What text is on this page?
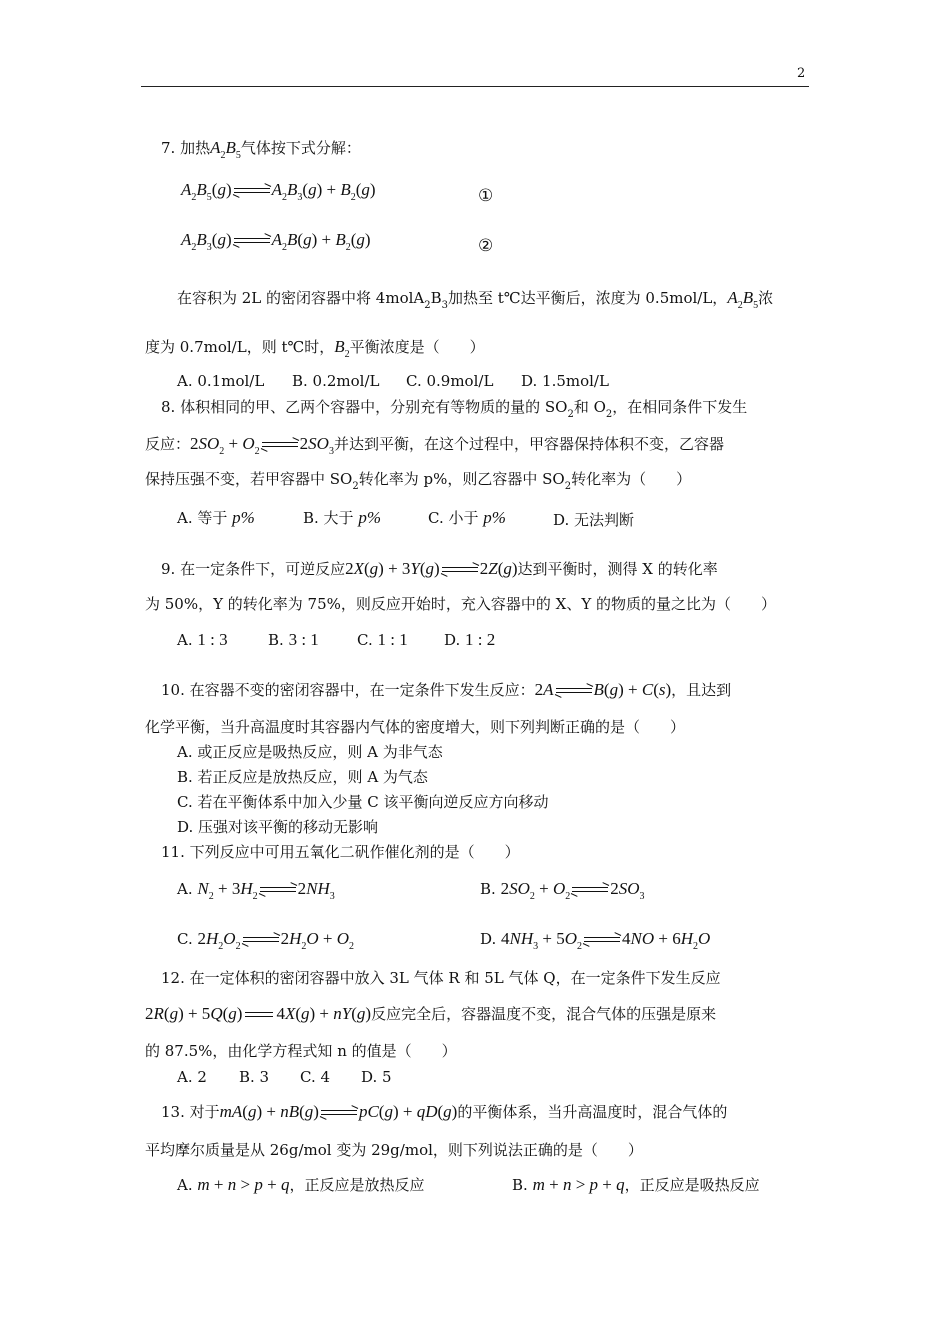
2
7. 加热$A_2B_5$气体按下式分解：
$A_2B_5(g) A_2B_3(g) + B_2(g)$	①
$A_2B_3(g) A_2B(g) + B_2(g)$	②
在容积为 2L 的密闭容器中将 $4molA_2B_3$加热至 t℃达平衡后，浓度为 0.5mol/L，$A_2B_5$浓
度为 0.7mol/L，则 t℃时，$B_2$平衡浓度是（　　）
A. 0.1mol/L B. 0.2mol/L C. 0.9mol/L D. 1.5mol/L
8. 体积相同的甲、乙两个容器中，分别充有等物质的量的 $SO_2$和 $O_2$，在相同条件下发生
反应：$2SO_2 + O_2$ $2SO_3$并达到平衡，在这个过程中，甲容器保持体积不变，乙容器
保持压强不变，若甲容器中 $SO_2$转化率为 p%，则乙容器中 $SO_2$转化率为（　　）
A. 等于 p%	B. 大于 p%	C. 小于 p%	D. 无法判断
9. 在一定条件下，可逆反应2X(g) + 3Y(g) 2Z(g)达到平衡时，测得 X 的转化率
为 50%，Y 的转化率为 75%，则反应开始时，充入容器中的 X、Y 的物质的量之比为（　　）
A. 1 : 3	B. 3 : 1	C. 1 : 1 D. 1 : 2
10. 在容器不变的密闭容器中，在一定条件下发生反应：2A B(g) + C(s)，且达到
化学平衡，当升高温度时其容器内气体的密度增大，则下列判断正确的是（　　）
A. 或正反应是吸热反应，则 A 为非气态
B. 若正反应是放热反应，则 A 为气态
C. 若在平衡体系中加入少量 C 该平衡向逆反应方向移动
D. 压强对该平衡的移动无影响
11. 下列反应中可用五氧化二矾作催化剂的是（　　）
A. $N_2 + 3H_2$ $2NH_3$	B. $2SO_2 + O_2$ $2SO_3$
C. $2H_2O_2$ $2H_2O + O_2$	D. $4NH_3 + 5O_2$ $4NO + 6H_2O$
12. 在一定体积的密闭容器中放入 3L 气体 R 和 5L 气体 Q，在一定条件下发生反应
2R(g) + 5Q(g) 4X(g) + nY(g)反应完全后，容器温度不变，混合气体的压强是原来
的 87.5%，由化学方程式知 n 的值是（　　）
A. 2 B. 3 C. 4 D. 5
13. 对于mA(g) + nB(g) pC(g) + qD(g)的平衡体系，当升高温度时，混合气体的
平均摩尔质量是从 26g/mol 变为 29g/mol，则下列说法正确的是（　　）
A. m + n > p + q，正反应是放热反应	B. m + n > p + q，正反应是吸热反应
